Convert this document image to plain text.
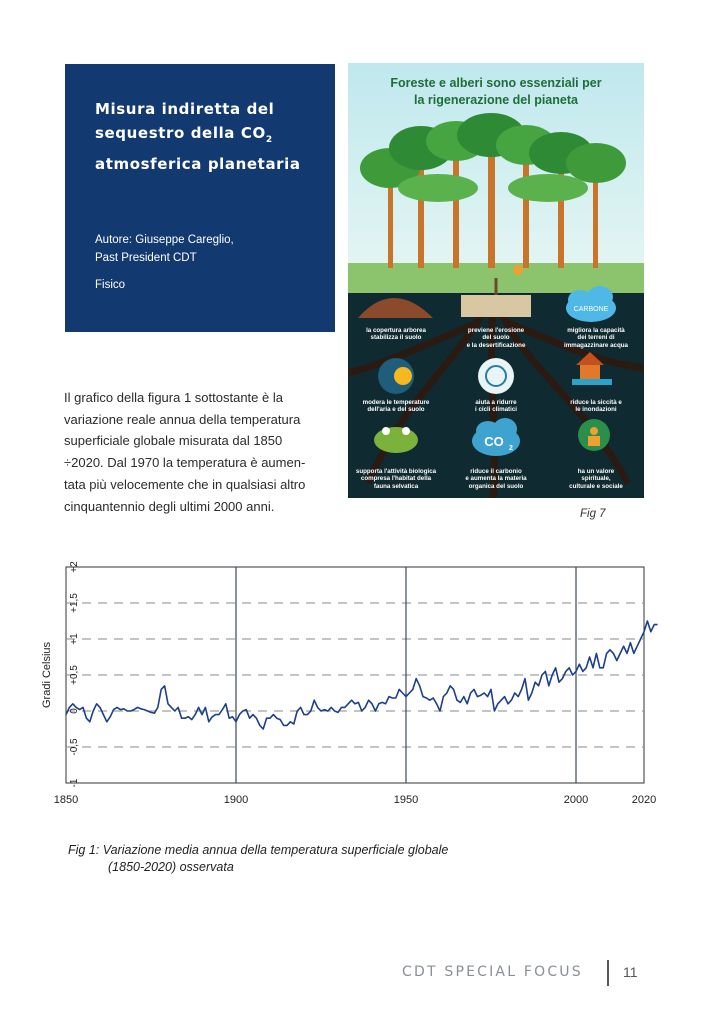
Misura indiretta del
sequestro della $CO_2$
atmosferica planetaria
Autore: Giuseppe Careglio,
Past President CDT
Fisico
CARBONE
CO 2
Foreste e alberi sono essenziali per
la rigenerazione del pianeta
la copertura arborea
stabilizza il suolo
previene l'erosione
del suolo
e la desertificazione
migliora la capacità
dei terreni di
immagazzinare acqua
modera le temperature
dell'aria e del suolo
aiuta a ridurre
i cicli climatici
riduce la siccità e
le inondazioni
supporta l'attività biologica
compresa l'habitat della
fauna selvatica
riduce il carbonio
e aumenta la materia
organica del suolo
ha un valore
spirituale,
culturale e sociale
Fig 7
Il grafico della figura 1 sottostante è la
variazione reale annua della temperatura
superficiale globale misurata dal 1850
÷2020. Dal 1970 la temperatura è aumen-
tata più velocemente che in qualsiasi altro
cinquantennio degli ultimi 2000 anni.
-1
-0,5
0
+0,5
+1
+1,5
+2
1850	1900	1950	2000	2020
Gradi Celsius
Fig 1: Variazione media annua della temperatura superficiale globale
(1850-2020) osservata
CDT SPECIAL FOCUS	11
